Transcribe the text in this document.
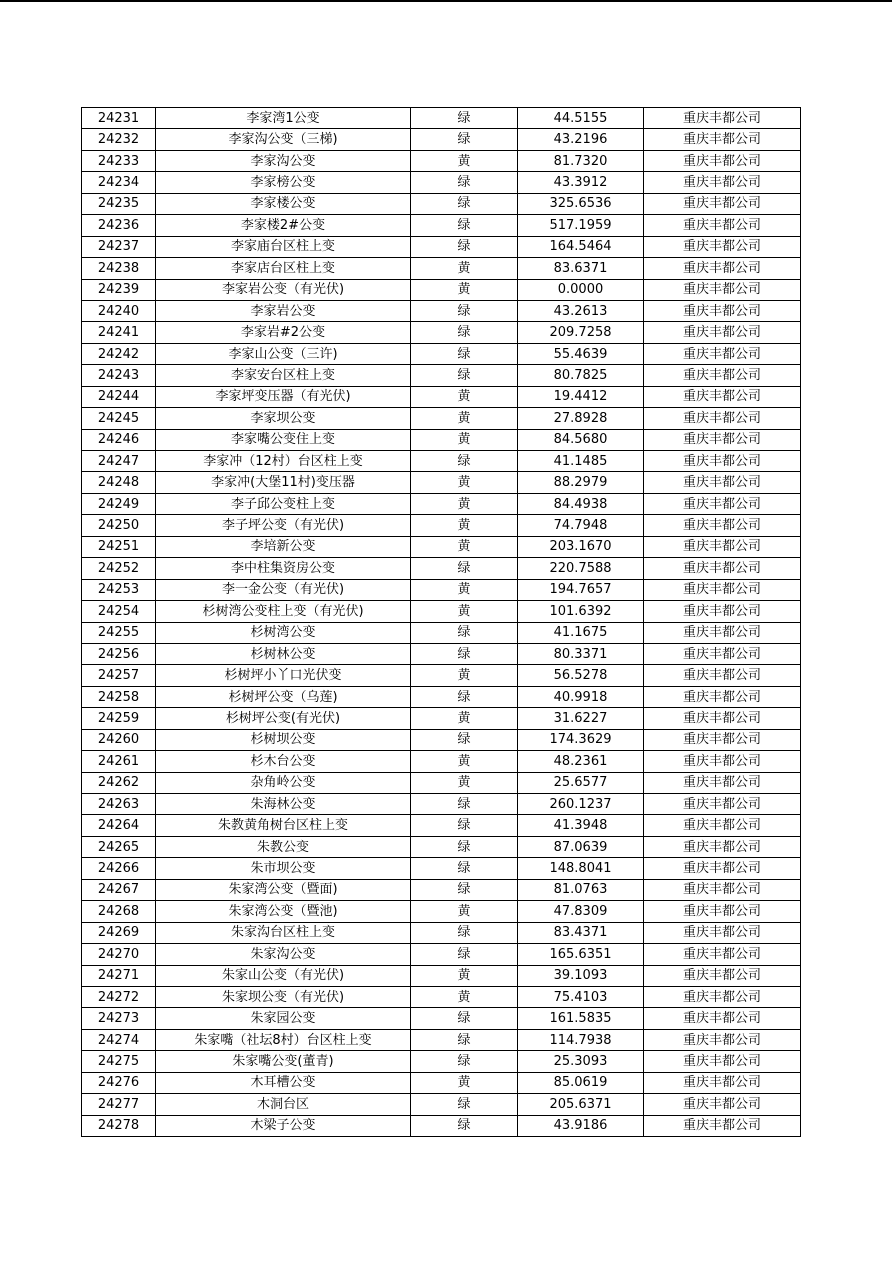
24231	李家湾1公变	绿	44.5155	重庆丰都公司
24232	李家沟公变（三梯)	绿	43.2196	重庆丰都公司
24233	李家沟公变	黄	81.7320	重庆丰都公司
24234	李家榜公变	绿	43.3912	重庆丰都公司
24235	李家楼公变	绿	325.6536	重庆丰都公司
24236	李家楼2#公变	绿	517.1959	重庆丰都公司
24237	李家庙台区柱上变	绿	164.5464	重庆丰都公司
24238	李家店台区柱上变	黄	83.6371	重庆丰都公司
24239	李家岩公变（有光伏)	黄	0.0000	重庆丰都公司
24240	李家岩公变	绿	43.2613	重庆丰都公司
24241	李家岩#2公变	绿	209.7258	重庆丰都公司
24242	李家山公变（三许)	绿	55.4639	重庆丰都公司
24243	李家安台区柱上变	绿	80.7825	重庆丰都公司
24244	李家坪变压器（有光伏)	黄	19.4412	重庆丰都公司
24245	李家坝公变	黄	27.8928	重庆丰都公司
24246	李家嘴公变住上变	黄	84.5680	重庆丰都公司
24247	李家冲（12村）台区柱上变	绿	41.1485	重庆丰都公司
24248	李家冲(大堡11村)变压器	黄	88.2979	重庆丰都公司
24249	李子邱公变柱上变	黄	84.4938	重庆丰都公司
24250	李子坪公变（有光伏)	黄	74.7948	重庆丰都公司
24251	李培新公变	黄	203.1670	重庆丰都公司
24252	李中柱集资房公变	绿	220.7588	重庆丰都公司
24253	李一金公变（有光伏)	黄	194.7657	重庆丰都公司
24254	杉树湾公变柱上变（有光伏)	黄	101.6392	重庆丰都公司
24255	杉树湾公变	绿	41.1675	重庆丰都公司
24256	杉树林公变	绿	80.3371	重庆丰都公司
24257	杉树坪小丫口光伏变	黄	56.5278	重庆丰都公司
24258	杉树坪公变（乌莲)	绿	40.9918	重庆丰都公司
24259	杉树坪公变(有光伏)	黄	31.6227	重庆丰都公司
24260	杉树坝公变	绿	174.3629	重庆丰都公司
24261	杉木台公变	黄	48.2361	重庆丰都公司
24262	杂角岭公变	黄	25.6577	重庆丰都公司
24263	朱海林公变	绿	260.1237	重庆丰都公司
24264	朱教黄角树台区柱上变	绿	41.3948	重庆丰都公司
24265	朱教公变	绿	87.0639	重庆丰都公司
24266	朱市坝公变	绿	148.8041	重庆丰都公司
24267	朱家湾公变（暨面)	绿	81.0763	重庆丰都公司
24268	朱家湾公变（暨池)	黄	47.8309	重庆丰都公司
24269	朱家沟台区柱上变	绿	83.4371	重庆丰都公司
24270	朱家沟公变	绿	165.6351	重庆丰都公司
24271	朱家山公变（有光伏)	黄	39.1093	重庆丰都公司
24272	朱家坝公变（有光伏)	黄	75.4103	重庆丰都公司
24273	朱家园公变	绿	161.5835	重庆丰都公司
24274	朱家嘴（社坛8村）台区柱上变	绿	114.7938	重庆丰都公司
24275	朱家嘴公变(董青)	绿	25.3093	重庆丰都公司
24276	木耳槽公变	黄	85.0619	重庆丰都公司
24277	木洞台区	绿	205.6371	重庆丰都公司
24278	木梁子公变	绿	43.9186	重庆丰都公司
